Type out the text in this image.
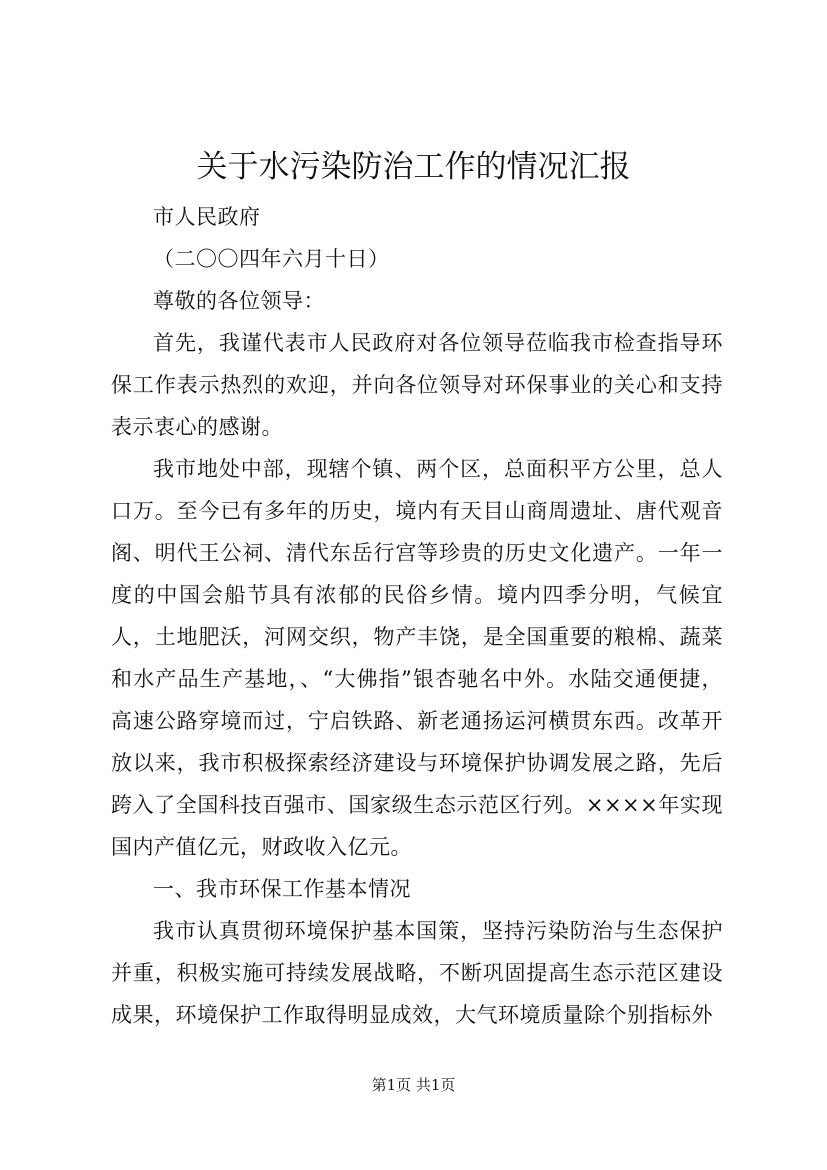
关于水污染防治工作的情况汇报

市人民政府

（二〇〇四年六月十日）

尊敬的各位领导：

首先，我谨代表市人民政府对各位领导莅临我市检查指导环保工作表示热烈的欢迎，并向各位领导对环保事业的关心和支持表示衷心的感谢。

我市地处中部，现辖个镇、两个区，总面积平方公里，总人口万。至今已有多年的历史，境内有天目山商周遗址、唐代观音阁、明代王公祠、清代东岳行宫等珍贵的历史文化遗产。一年一度的中国会船节具有浓郁的民俗乡情。境内四季分明，气候宜人，土地肥沃，河网交织，物产丰饶，是全国重要的粮棉、蔬菜和水产品生产基地，、“大佛指”银杏驰名中外。水陆交通便捷，高速公路穿境而过，宁启铁路、新老通扬运河横贯东西。改革开放以来，我市积极探索经济建设与环境保护协调发展之路，先后跨入了全国科技百强市、国家级生态示范区行列。××××年实现国内产值亿元，财政收入亿元。

一、我市环保工作基本情况

我市认真贯彻环境保护基本国策，坚持污染防治与生态保护并重，积极实施可持续发展战略，不断巩固提高生态示范区建设成果，环境保护工作取得明显成效，大气环境质量除个别指标外

第1页 共1页
